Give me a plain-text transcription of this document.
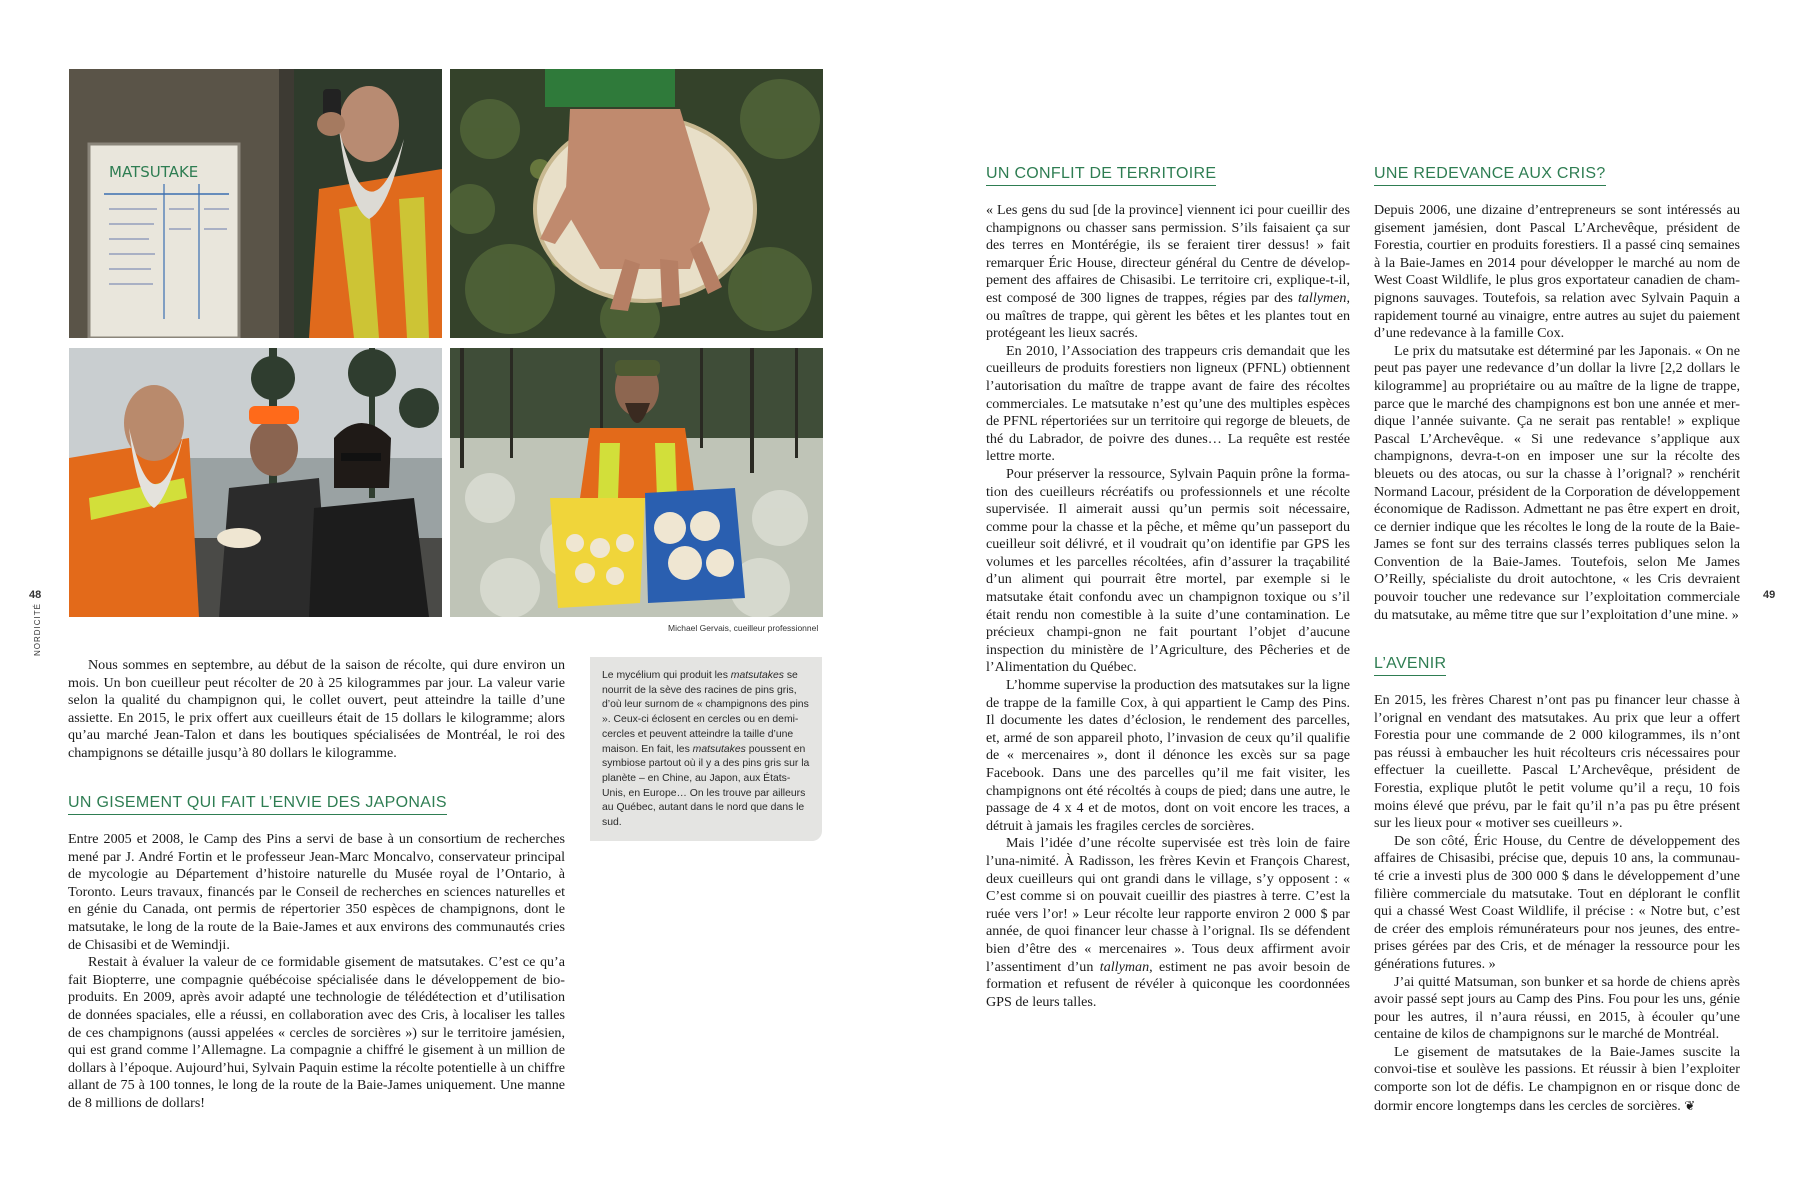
MATSUTAKE
Michael Gervais, cueilleur professionnel
48	49
NORDICITÉ

Nous sommes en septembre, au début de la saison de récolte, qui dure environ un mois. Un bon cueilleur peut récolter de 20 à 25 kilogrammes par jour. La valeur varie selon la qualité du champignon qui, le collet ouvert, peut atteindre la taille d’une assiette. En 2015, le prix offert aux cueilleurs était de 15 dollars le kilogramme; alors qu’au marché Jean-Talon et dans les boutiques spécialisées de Montréal, le roi des champignons se détaille jusqu’à 80 dollars le kilogramme.

UN GISEMENT QUI FAIT L’ENVIE DES JAPONAIS

Entre 2005 et 2008, le Camp des Pins a servi de base à un consortium de recherches mené par J. André Fortin et le professeur Jean-Marc Moncalvo, conservateur principal de mycologie au Département d’histoire naturelle du Musée royal de l’Ontario, à Toronto. Leurs travaux, financés par le Conseil de recherches en sciences naturelles et en génie du Canada, ont permis de répertorier 350 espèces de champignons, dont le matsutake, le long de la route de la Baie-James et aux environs des communautés cries de Chisasibi et de Wemindji.

Restait à évaluer la valeur de ce formidable gisement de matsutakes. C’est ce qu’a fait Biopterre, une compagnie québécoise spécialisée dans le développement de bio-produits. En 2009, après avoir adapté une technologie de télédétection et d’utilisation de données spaciales, elle a réussi, en collaboration avec des Cris, à localiser les talles de ces champignons (aussi appelées « cercles de sorcières ») sur le territoire jamésien, qui est grand comme l’Allemagne. La compagnie a chiffré le gisement à un million de dollars à l’époque. Aujourd’hui, Sylvain Paquin estime la récolte potentielle à un chiffre allant de 75 à 100 tonnes, le long de la route de la Baie-James uniquement. Une manne de 8 millions de dollars!

Le mycélium qui produit les matsutakes se nourrit de la sève des racines de pins gris, d’où leur surnom de « champignons des pins ». Ceux-ci éclosent en cercles ou en demi-cercles et peuvent atteindre la taille d’une maison. En fait, les matsutakes poussent en symbiose partout où il y a des pins gris sur la planète – en Chine, au Japon, aux États-Unis, en Europe… On les trouve par ailleurs au Québec, autant dans le nord que dans le sud.
UN CONFLIT DE TERRITOIRE

« Les gens du sud [de la province] viennent ici pour cueillir des champignons ou chasser sans permission. S’ils faisaient ça sur des terres en Montérégie, ils se feraient tirer dessus! » fait remarquer Éric House, directeur général du Centre de dévelop-pement des affaires de Chisasibi. Le territoire cri, explique-t-il, est composé de 300 lignes de trappes, régies par des tallymen, ou maîtres de trappe, qui gèrent les bêtes et les plantes tout en protégeant les lieux sacrés.

En 2010, l’Association des trappeurs cris demandait que les cueilleurs de produits forestiers non ligneux (PFNL) obtiennent l’autorisation du maître de trappe avant de faire des récoltes commerciales. Le matsutake n’est qu’une des multiples espèces de PFNL répertoriées sur un territoire qui regorge de bleuets, de thé du Labrador, de poivre des dunes… La requête est restée lettre morte.

Pour préserver la ressource, Sylvain Paquin prône la forma-tion des cueilleurs récréatifs ou professionnels et une récolte supervisée. Il aimerait aussi qu’un permis soit nécessaire, comme pour la chasse et la pêche, et même qu’un passeport du cueilleur soit délivré, et il voudrait qu’on identifie par GPS les volumes et les parcelles récoltées, afin d’assurer la traçabilité d’un aliment qui pourrait être mortel, par exemple si le matsutake était confondu avec un champignon toxique ou s’il était rendu non comestible à la suite d’une contamination. Le précieux champi-gnon ne fait pourtant l’objet d’aucune inspection du ministère de l’Agriculture, des Pêcheries et de l’Alimentation du Québec.

L’homme supervise la production des matsutakes sur la ligne de trappe de la famille Cox, à qui appartient le Camp des Pins. Il documente les dates d’éclosion, le rendement des parcelles, et, armé de son appareil photo, l’invasion de ceux qu’il qualifie de « mercenaires », dont il dénonce les excès sur sa page Facebook. Dans une des parcelles qu’il me fait visiter, les champignons ont été récoltés à coups de pied; dans une autre, le passage de 4 x 4 et de motos, dont on voit encore les traces, a détruit à jamais les fragiles cercles de sorcières.

Mais l’idée d’une récolte supervisée est très loin de faire l’una-nimité. À Radisson, les frères Kevin et François Charest, deux cueilleurs qui ont grandi dans le village, s’y opposent : « C’est comme si on pouvait cueillir des piastres à terre. C’est la ruée vers l’or! » Leur récolte leur rapporte environ 2 000 $ par année, de quoi financer leur chasse à l’orignal. Ils se défendent bien d’être des « mercenaires ». Tous deux affirment avoir l’assentiment d’un tallyman, estiment ne pas avoir besoin de formation et refusent de révéler à quiconque les coordonnées GPS de leurs talles.

UNE REDEVANCE AUX CRIS?

Depuis 2006, une dizaine d’entrepreneurs se sont intéressés au gisement jamésien, dont Pascal L’Archevêque, président de Forestia, courtier en produits forestiers. Il a passé cinq semaines à la Baie-James en 2014 pour développer le marché au nom de West Coast Wildlife, le plus gros exportateur canadien de cham-pignons sauvages. Toutefois, sa relation avec Sylvain Paquin a rapidement tourné au vinaigre, entre autres au sujet du paiement d’une redevance à la famille Cox.

Le prix du matsutake est déterminé par les Japonais. « On ne peut pas payer une redevance d’un dollar la livre [2,2 dollars le kilogramme] au propriétaire ou au maître de la ligne de trappe, parce que le marché des champignons est bon une année et mer-dique l’année suivante. Ça ne serait pas rentable! » explique Pascal L’Archevêque. « Si une redevance s’applique aux champignons, devra-t-on en imposer une sur la récolte des bleuets ou des atocas, ou sur la chasse à l’orignal? » renchérit Normand Lacour, président de la Corporation de développement économique de Radisson. Admettant ne pas être expert en droit, ce dernier indique que les récoltes le long de la route de la Baie-James se font sur des terrains classés terres publiques selon la Convention de la Baie-James. Toutefois, selon Me James O’Reilly, spécialiste du droit autochtone, « les Cris devraient pouvoir toucher une redevance sur l’exploitation commerciale du matsutake, au même titre que sur l’exploitation d’une mine. »

L’AVENIR

En 2015, les frères Charest n’ont pas pu financer leur chasse à l’orignal en vendant des matsutakes. Au prix que leur a offert Forestia pour une commande de 2 000 kilogrammes, ils n’ont pas réussi à embaucher les huit récolteurs cris nécessaires pour effectuer la cueillette. Pascal L’Archevêque, président de Forestia, explique plutôt le petit volume qu’il a reçu, 10 fois moins élevé que prévu, par le fait qu’il n’a pas pu être présent sur les lieux pour « motiver ses cueilleurs ».

De son côté, Éric House, du Centre de développement des affaires de Chisasibi, précise que, depuis 10 ans, la communau-té crie a investi plus de 300 000 $ dans le développement d’une filière commerciale du matsutake. Tout en déplorant le conflit qui a chassé West Coast Wildlife, il précise : « Notre but, c’est de créer des emplois rémunérateurs pour nos jeunes, des entre-prises gérées par des Cris, et de ménager la ressource pour les générations futures. »

J’ai quitté Matsuman, son bunker et sa horde de chiens après avoir passé sept jours au Camp des Pins. Fou pour les uns, génie pour les autres, il n’aura réussi, en 2015, à écouler qu’une centaine de kilos de champignons sur le marché de Montréal.

Le gisement de matsutakes de la Baie-James suscite la convoi-tise et soulève les passions. Et réussir à bien l’exploiter comporte son lot de défis. Le champignon en or risque donc de dormir encore longtemps dans les cercles de sorcières. ❦
